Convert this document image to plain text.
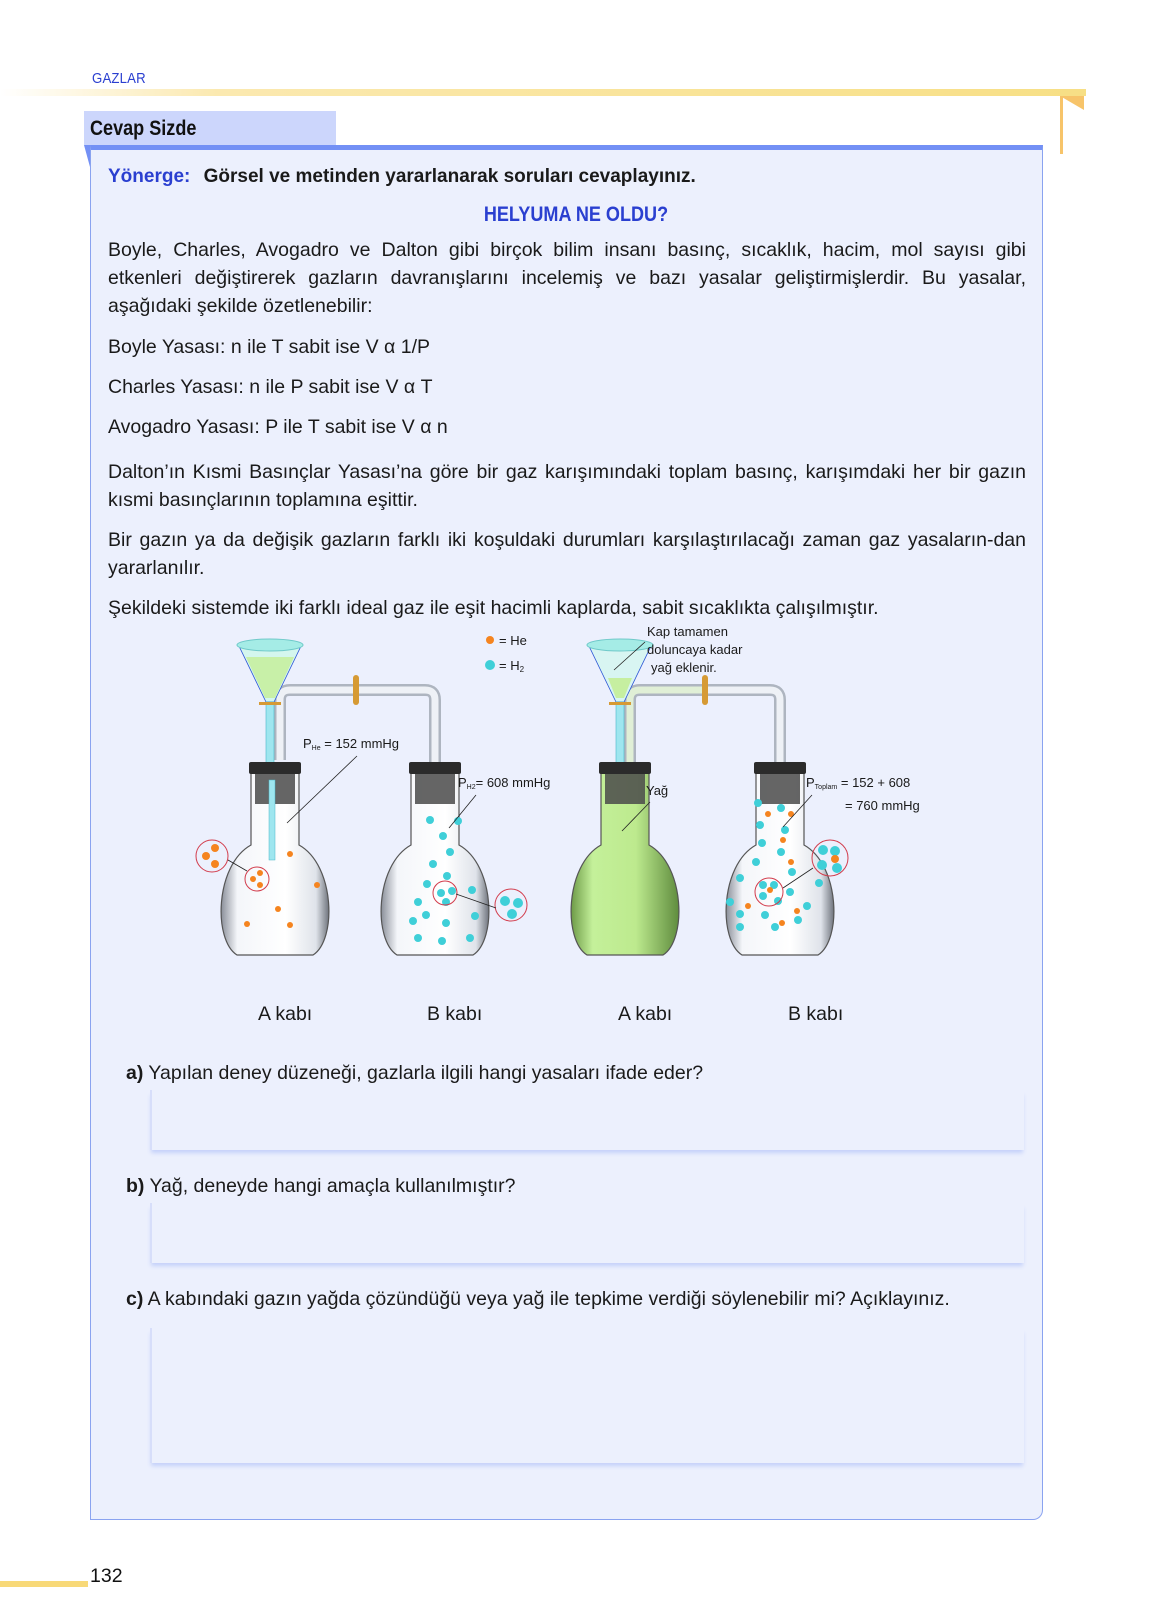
GAZLAR
Cevap Sizde
Yönerge: Görsel ve metinden yararlanarak soruları cevaplayınız.
HELYUMA NE OLDU?
Boyle, Charles, Avogadro ve Dalton gibi birçok bilim insanı basınç, sıcaklık, hacim, mol sayısı gibi etkenleri değiştirerek gazların davranışlarını incelemiş ve bazı yasalar geliştirmişlerdir. Bu yasalar, aşağıdaki şekilde özetlenebilir:
Boyle Yasası: n ile T sabit ise V α 1/P
Charles Yasası: n ile P sabit ise V α T
Avogadro Yasası: P ile T sabit ise V α n
Dalton’ın Kısmi Basınçlar Yasası’na göre bir gaz karışımındaki toplam basınç, karışımdaki her bir gazın kısmi basınçlarının toplamına eşittir.
Bir gazın ya da değişik gazların farklı iki koşuldaki durumları karşılaştırılacağı zaman gaz yasaların-dan yararlanılır.
Şekildeki sistemde iki farklı ideal gaz ile eşit hacimli kaplarda, sabit sıcaklıkta çalışılmıştır.
= He
= H2
PHe = 152 mmHg
PH2= 608 mmHg
Kap tamamen
doluncaya kadar
yağ eklenir.
Yağ
PToplam = 152 + 608
= 760 mmHg
A kabı	B kabı	A kabı	B kabı
a) Yapılan deney düzeneği, gazlarla ilgili hangi yasaları ifade eder?
b) Yağ, deneyde hangi amaçla kullanılmıştır?
c) A kabındaki gazın yağda çözündüğü veya yağ ile tepkime verdiği söylenebilir mi? Açıklayınız.
132
